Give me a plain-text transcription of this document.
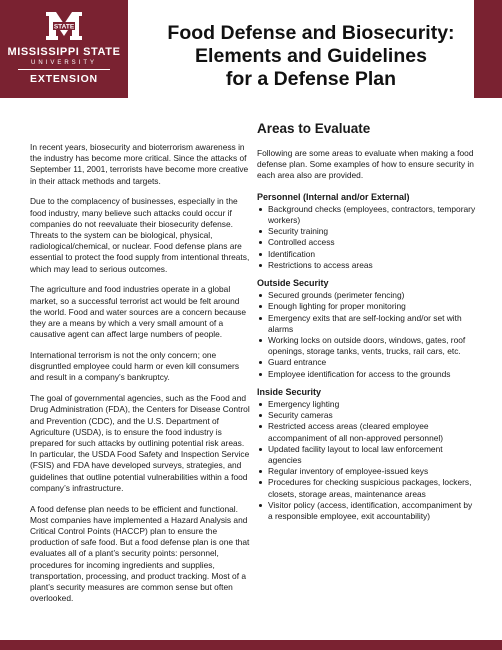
STATE
MISSISSIPPI STATE
UNIVERSITY
EXTENSION
Food Defense and Biosecurity:
Elements and Guidelines
for a Defense Plan

In recent years, biosecurity and bioterrorism awareness in the industry has become more critical. Since the attacks of September 11, 2001, terrorists have become more creative in their attack methods and targets.

Due to the complacency of businesses, especially in the food industry, many believe such attacks could occur if companies do not reevaluate their biosecurity defense. Threats to the system can be biological, physical, radiological/chemical, or nuclear. Food defense plans are essential to protect the food supply from intentional threats, which may lead to serious outcomes.

The agriculture and food industries operate in a global market, so a successful terrorist act would be felt around the world. Food and water sources are a concern because they are a means by which a very small amount of a causative agent can affect large numbers of people.

International terrorism is not the only concern; one disgruntled employee could harm or even kill consumers and result in a company’s bankruptcy.

The goal of governmental agencies, such as the Food and Drug Administration (FDA), the Centers for Disease Control and Prevention (CDC), and the U.S. Department of Agriculture (USDA), is to ensure the food industry is prepared for such attacks by outlining potential risk areas. In particular, the USDA Food Safety and Inspection Service (FSIS) and FDA have developed surveys, strategies, and guidelines that outline potential vulnerabilities within a food company’s infrastructure.

A food defense plan needs to be efficient and functional. Most companies have implemented a Hazard Analysis and Critical Control Points (HACCP) plan to ensure the production of safe food. But a food defense plan is one that evaluates all of a plant’s security points: personnel, procedures for incoming ingredients and supplies, transportation, processing, and product tracking. Most of a plant’s security measures are common sense but often overlooked.

Areas to Evaluate

Following are some areas to evaluate when making a food defense plan. Some examples of how to ensure security in each area also are provided.

Personnel (Internal and/or External)
Background checks (employees, contractors, temporary workers)
Security training
Controlled access
Identification
Restrictions to access areas
Outside Security
Secured grounds (perimeter fencing)
Enough lighting for proper monitoring
Emergency exits that are self-locking and/or set with alarms
Working locks on outside doors, windows, gates, roof openings, storage tanks, vents, trucks, rail cars, etc.
Guard entrance
Employee identification for access to the grounds
Inside Security
Emergency lighting
Security cameras
Restricted access areas (cleared employee accompaniment of all non-approved personnel)
Updated facility layout to local law enforcement agencies
Regular inventory of employee-issued keys
Procedures for checking suspicious packages, lockers, closets, storage areas, maintenance areas
Visitor policy (access, identification, accompaniment by a responsible employee, exit accountability)
